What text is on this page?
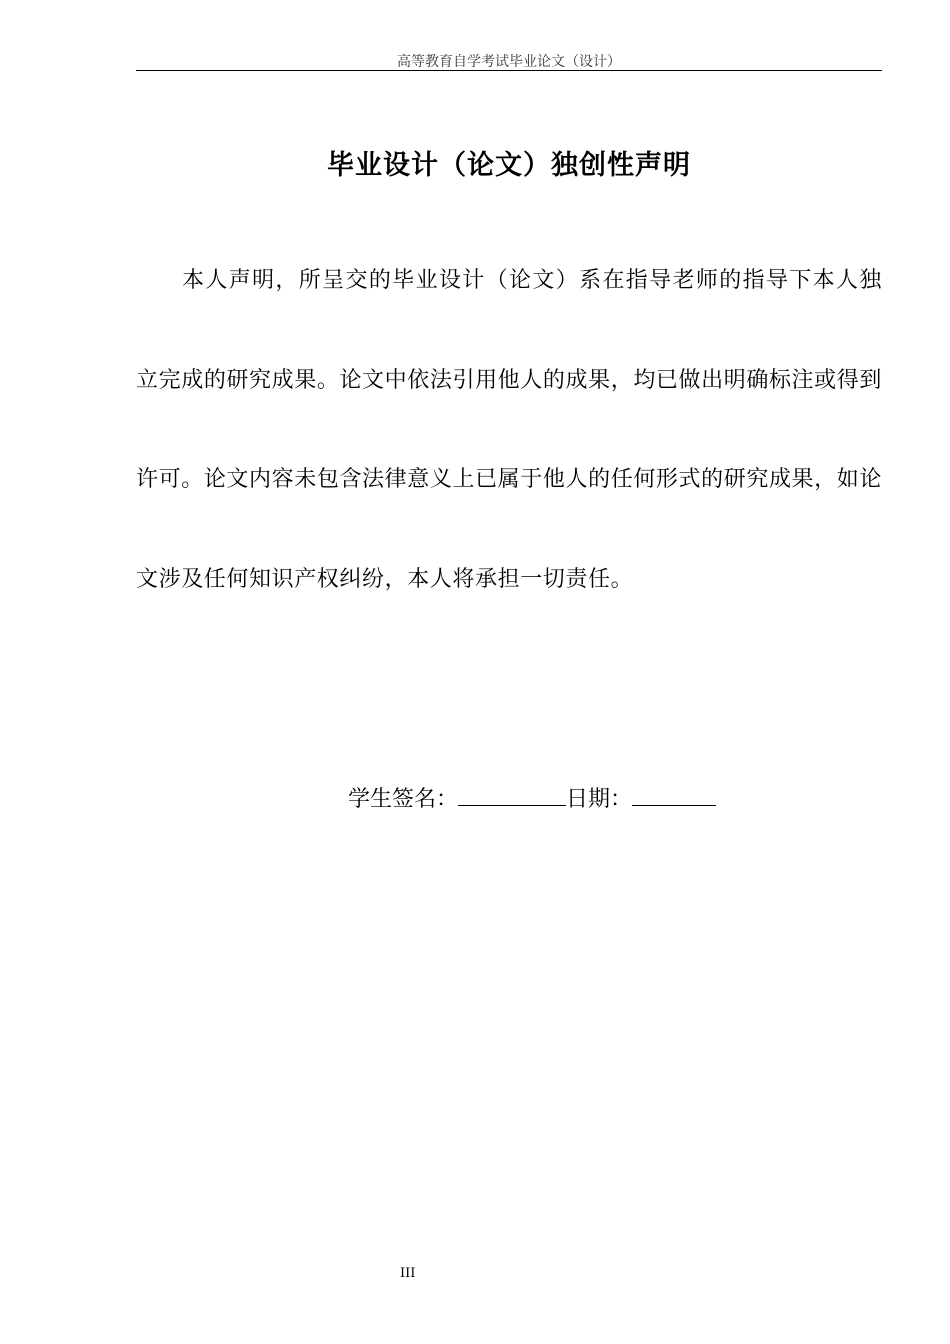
高等教育自学考试毕业论文（设计）
毕业设计（论文）独创性声明

本人声明，所呈交的毕业设计（论文）系在指导老师的指导下本人独立完成的研究成果。论文中依法引用他人的成果，均已做出明确标注或得到许可。论文内容未包含法律意义上已属于他人的任何形式的研究成果，如论文涉及任何知识产权纠纷，本人将承担一切责任。

学生签名：	日期：
III
